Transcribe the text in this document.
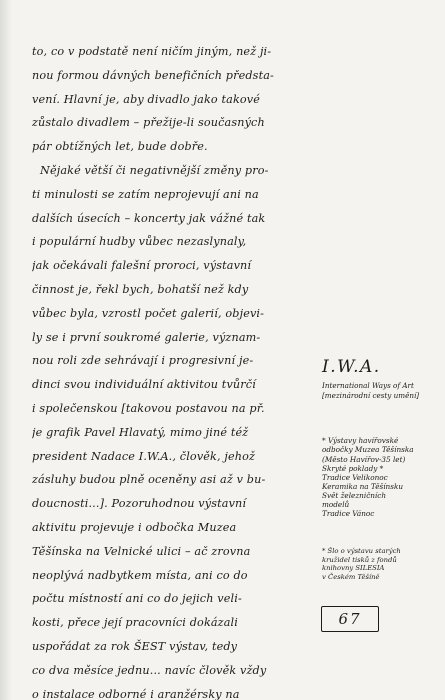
to, co v podstatě není ničím jiným, než ji-
nou formou dávných benefičních předsta-
vení. Hlavní je, aby divadlo jako takové
zůstalo divadlem – přežije-li současných
pár obtížných let, bude dobře.
Nějaké větší či negativnější změny pro-
ti minulosti se zatím neprojevují ani na
dalších úsecích – koncerty jak vážné tak
i populární hudby vůbec nezaslynaly,
jak očekávali falešní proroci, výstavní
činnost je, řekl bych, bohatší než kdy
vůbec byla, vzrostl počet galerií, objevi-
ly se i první soukromé galerie, význam-
nou roli zde sehrávají i progresivní je-
dinci svou individuální aktivitou tvůrčí
i společenskou [takovou postavou na př.
je grafik Pavel Hlavatý, mimo jiné též
president Nadace I.W.A., člověk, jehož
zásluhy budou plně oceněny asi až v bu-
doucnosti...]. Pozoruhodnou výstavní
aktivitu projevuje i odbočka Muzea
Těšínska na Velnické ulici – ač zrovna
neoplývá nadbytkem místa, ani co do
počtu místností ani co do jejich veli-
kosti, přece její pracovníci dokázali
uspořádat za rok ŠEST výstav, tedy
co dva měsíce jednu... navíc člověk vždy
o instalace odborné i aranžérsky na
I.W.A.
International Ways of Art
[mezinárodní cesty umění]
* Výstavy havířovské
odbočky Muzea Těšínska
(Město Havířov-35 let)
Skryté poklady *
Tradice Velikonoc
Keramika na Těšínsku
Svět železničních
modelů
Tradice Vánoc
* Šlo o výstavu starých
kružidel tisků z fondů
knihovny SILESIA
v Českém Těšíně
67
